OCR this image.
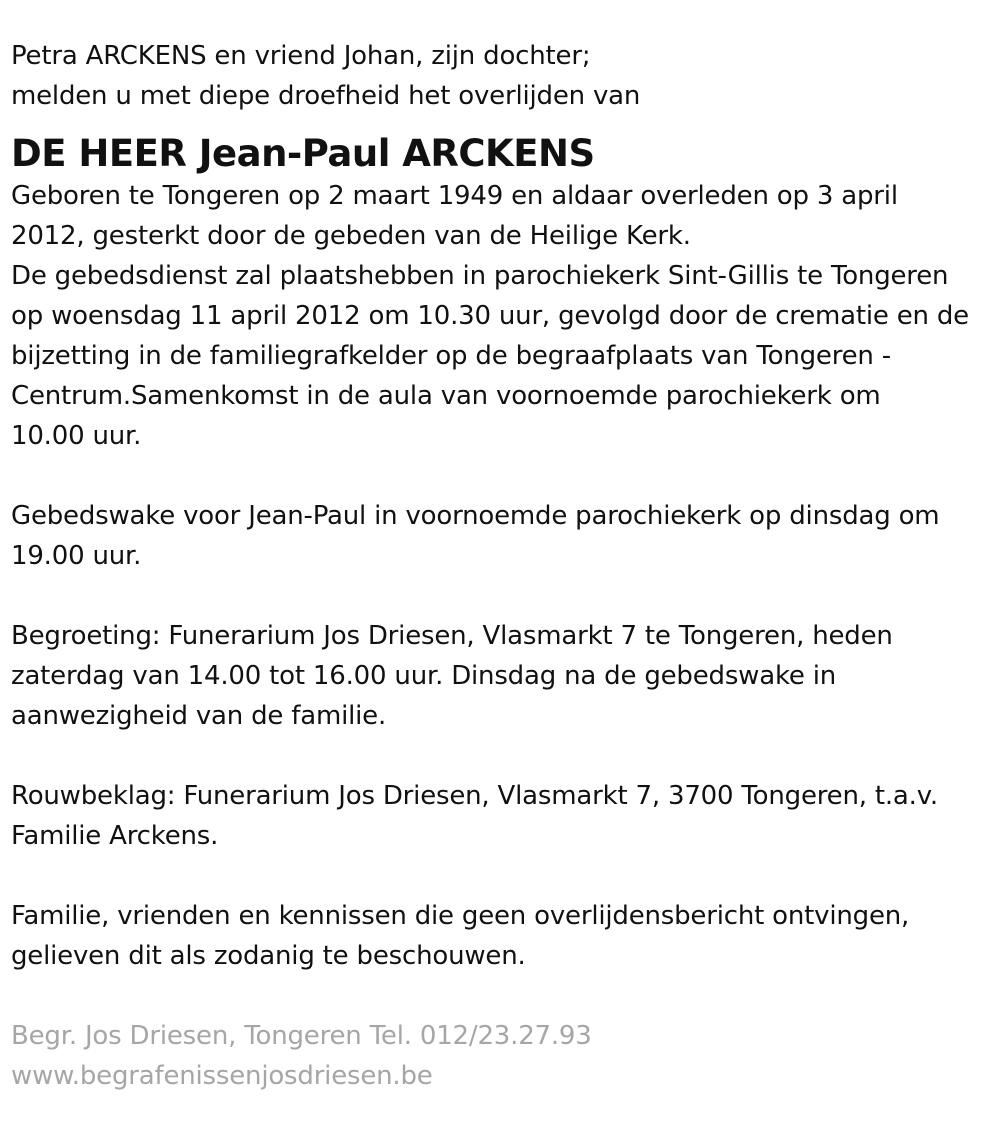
Petra ARCKENS en vriend Johan, zijn dochter;
melden u met diepe droefheid het overlijden van
DE HEER Jean-Paul ARCKENS
Geboren te Tongeren op 2 maart 1949 en aldaar overleden op 3 april
2012, gesterkt door de gebeden van de Heilige Kerk.
De gebedsdienst zal plaatshebben in parochiekerk Sint-Gillis te Tongeren
op woensdag 11 april 2012 om 10.30 uur, gevolgd door de crematie en de
bijzetting in de familiegrafkelder op de begraafplaats van Tongeren -
Centrum.Samenkomst in de aula van voornoemde parochiekerk om
10.00 uur.
Gebedswake voor Jean-Paul in voornoemde parochiekerk op dinsdag om
19.00 uur.
Begroeting: Funerarium Jos Driesen, Vlasmarkt 7 te Tongeren, heden
zaterdag van 14.00 tot 16.00 uur. Dinsdag na de gebedswake in
aanwezigheid van de familie.
Rouwbeklag: Funerarium Jos Driesen, Vlasmarkt 7, 3700 Tongeren, t.a.v.
Familie Arckens.
Familie, vrienden en kennissen die geen overlijdensbericht ontvingen,
gelieven dit als zodanig te beschouwen.
Begr. Jos Driesen, Tongeren Tel. 012/23.27.93
www.begrafenissenjosdriesen.be
